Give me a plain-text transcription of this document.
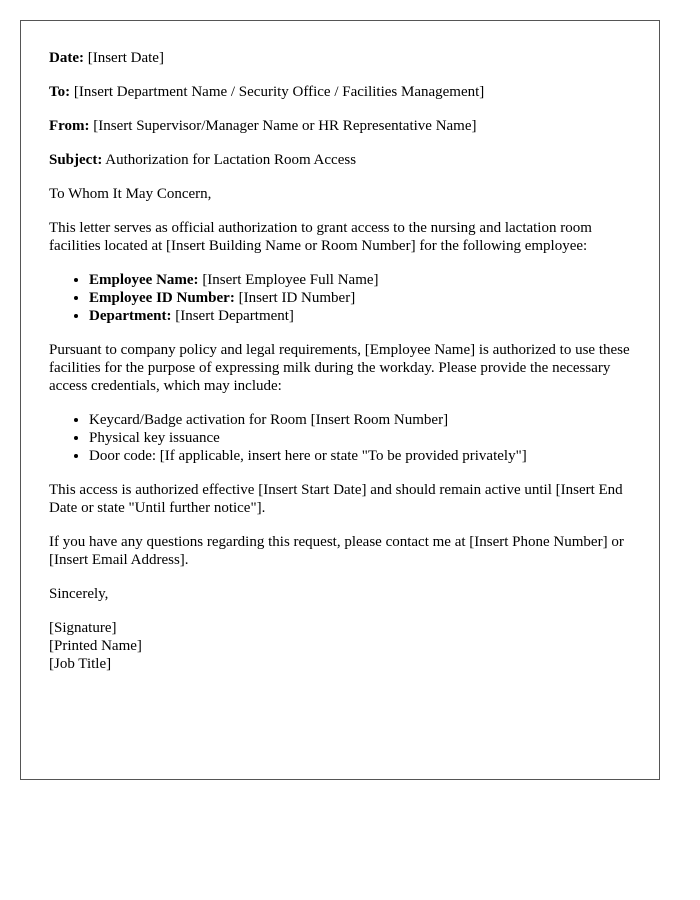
Date: [Insert Date]

To: [Insert Department Name / Security Office / Facilities Management]

From: [Insert Supervisor/Manager Name or HR Representative Name]

Subject: Authorization for Lactation Room Access

To Whom It May Concern,

This letter serves as official authorization to grant access to the nursing and lactation room facilities located at [Insert Building Name or Room Number] for the following employee:

• Employee Name: [Insert Employee Full Name]
• Employee ID Number: [Insert ID Number]
• Department: [Insert Department]

Pursuant to company policy and legal requirements, [Employee Name] is authorized to use these facilities for the purpose of expressing milk during the workday. Please provide the necessary access credentials, which may include:

• Keycard/Badge activation for Room [Insert Room Number]
• Physical key issuance
• Door code: [If applicable, insert here or state "To be provided privately"]

This access is authorized effective [Insert Start Date] and should remain active until [Insert End Date or state "Until further notice"].

If you have any questions regarding this request, please contact me at [Insert Phone Number] or [Insert Email Address].

Sincerely,

[Signature]
[Printed Name]
[Job Title]
